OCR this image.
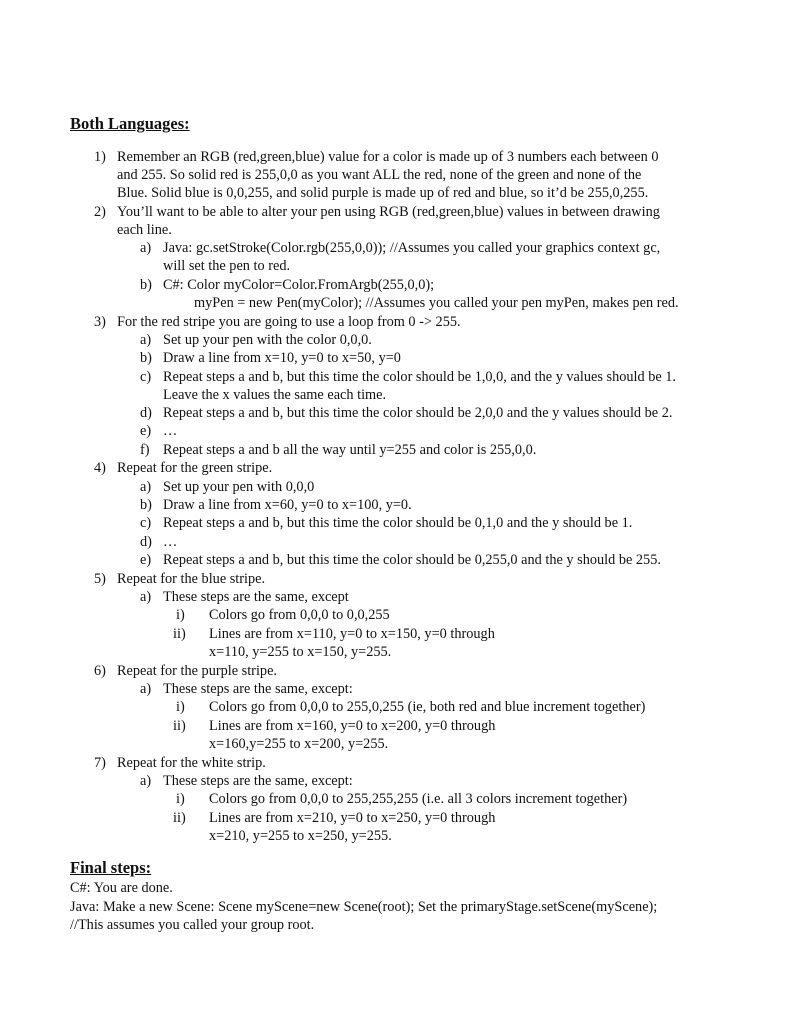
Both Languages:
1) Remember an RGB (red,green,blue) value for a color is made up of 3 numbers each between 0
and 255. So solid red is 255,0,0 as you want ALL the red, none of the green and none of the
Blue. Solid blue is 0,0,255, and solid purple is made up of red and blue, so it’d be 255,0,255.
2) You’ll want to be able to alter your pen using RGB (red,green,blue) values in between drawing
each line.
a) Java: gc.setStroke(Color.rgb(255,0,0)); //Assumes you called your graphics context gc,
will set the pen to red.
b) C#: Color myColor=Color.FromArgb(255,0,0);
myPen = new Pen(myColor); //Assumes you called your pen myPen, makes pen red.
3) For the red stripe you are going to use a loop from 0 -> 255.
a) Set up your pen with the color 0,0,0.
b) Draw a line from x=10, y=0 to x=50, y=0
c) Repeat steps a and b, but this time the color should be 1,0,0, and the y values should be 1.
Leave the x values the same each time.
d) Repeat steps a and b, but this time the color should be 2,0,0 and the y values should be 2.
e) …
f) Repeat steps a and b all the way until y=255 and color is 255,0,0.
4) Repeat for the green stripe.
a) Set up your pen with 0,0,0
b) Draw a line from x=60, y=0 to x=100, y=0.
c) Repeat steps a and b, but this time the color should be 0,1,0 and the y should be 1.
d) …
e) Repeat steps a and b, but this time the color should be 0,255,0 and the y should be 255.
5) Repeat for the blue stripe.
a) These steps are the same, except
i) Colors go from 0,0,0 to 0,0,255
ii) Lines are from x=110, y=0 to x=150, y=0 through
x=110, y=255 to x=150, y=255.
6) Repeat for the purple stripe.
a) These steps are the same, except:
i) Colors go from 0,0,0 to 255,0,255 (ie, both red and blue increment together)
ii) Lines are from x=160, y=0 to x=200, y=0 through
x=160,y=255 to x=200, y=255.
7) Repeat for the white strip.
a) These steps are the same, except:
i) Colors go from 0,0,0 to 255,255,255 (i.e. all 3 colors increment together)
ii) Lines are from x=210, y=0 to x=250, y=0 through
x=210, y=255 to x=250, y=255.
Final steps:
C#: You are done.
Java: Make a new Scene: Scene myScene=new Scene(root); Set the primaryStage.setScene(myScene);
//This assumes you called your group root.
